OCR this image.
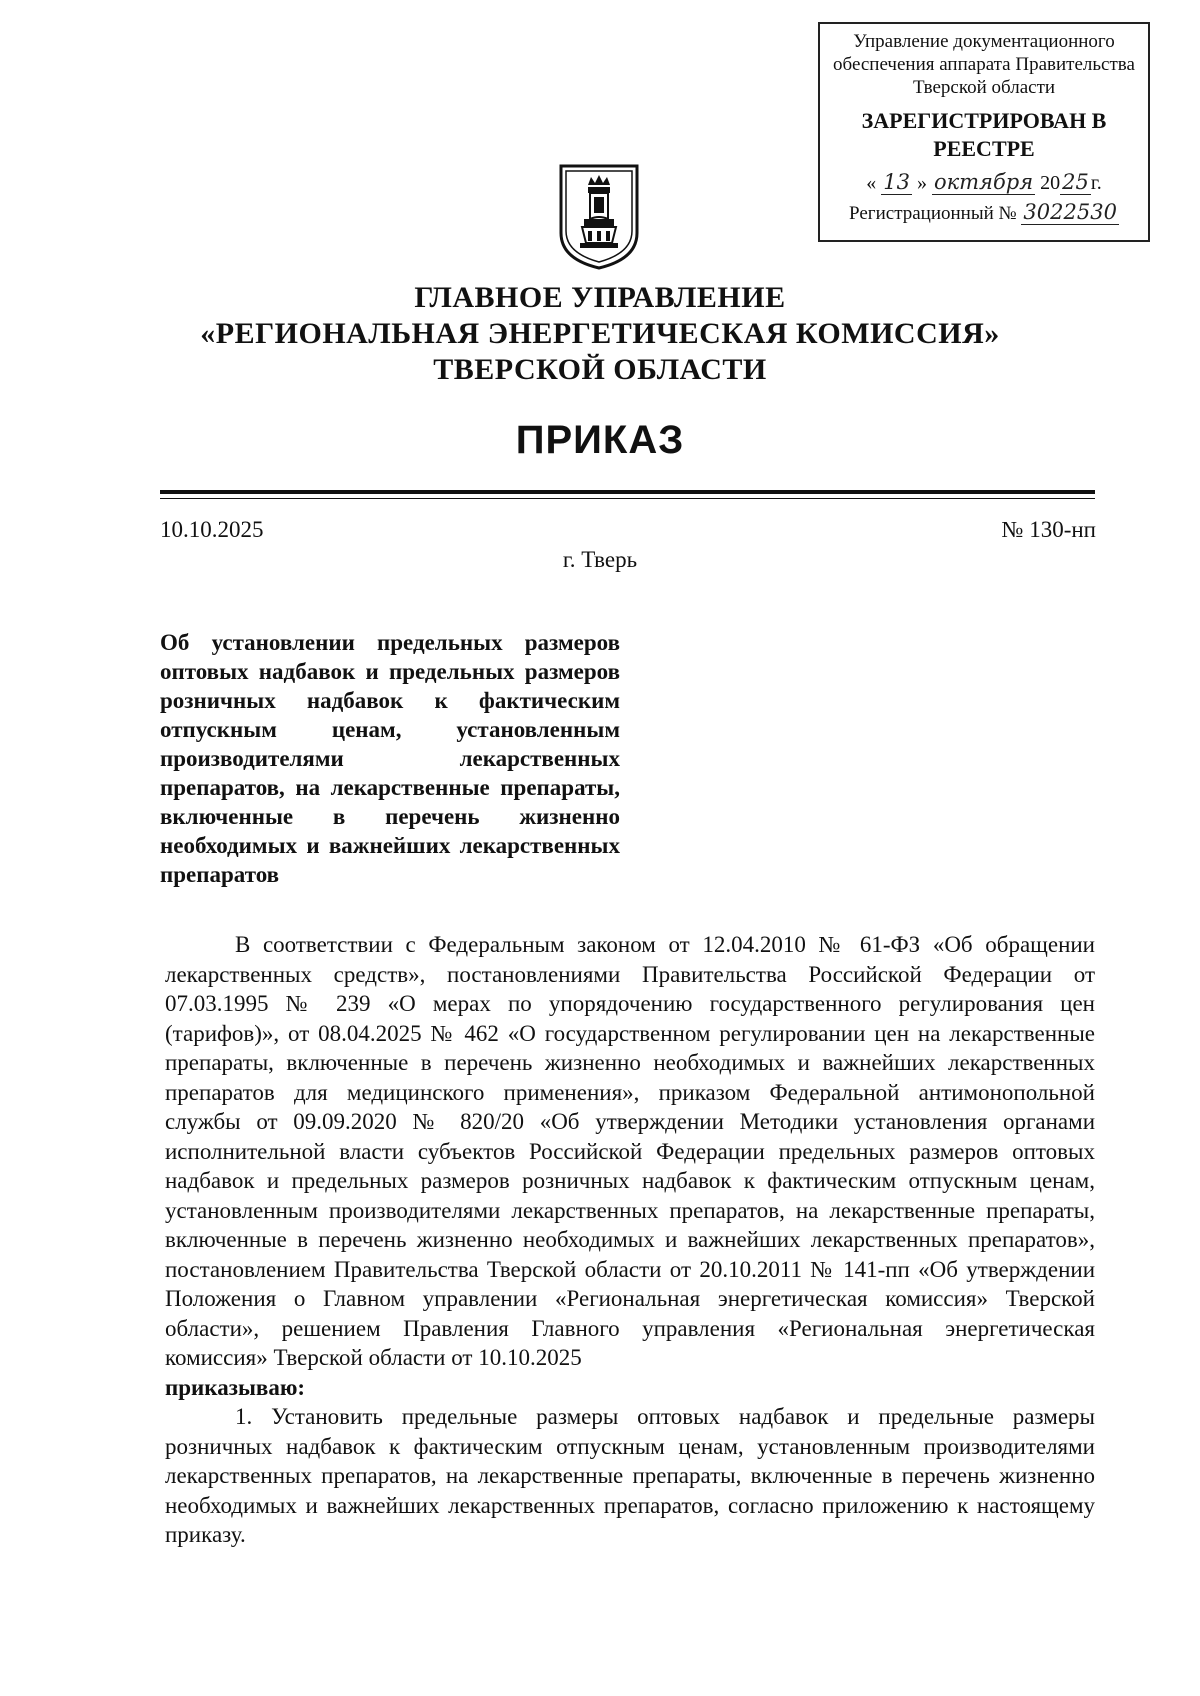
Управление документационного обеспечения аппарата Правительства Тверской области
ЗАРЕГИСТРИРОВАН В РЕЕСТРЕ
« 13 » октября 2025 г.
Регистрационный № 3022530
ГЛАВНОЕ УПРАВЛЕНИЕ
«РЕГИОНАЛЬНАЯ ЭНЕРГЕТИЧЕСКАЯ КОМИССИЯ»
ТВЕРСКОЙ ОБЛАСТИ
ПРИКАЗ
10.10.2025	№ 130-нп
г. Тверь
Об установлении предельных размеров оптовых надбавок и предельных размеров розничных надбавок к фактическим отпускным ценам, установленным производителями лекарственных препаратов, на лекарственные препараты, включенные в перечень жизненно необходимых и важнейших лекарственных препаратов

В соответствии с Федеральным законом от 12.04.2010 № 61-ФЗ «Об обращении лекарственных средств», постановлениями Правительства Российской Федерации от 07.03.1995 № 239 «О мерах по упорядочению государственного регулирования цен (тарифов)», от 08.04.2025 № 462 «О государственном регулировании цен на лекарственные препараты, включенные в перечень жизненно необходимых и важнейших лекарственных препаратов для медицинского применения», приказом Федеральной антимонопольной службы от 09.09.2020 № 820/20 «Об утверждении Методики установления органами исполнительной власти субъектов Российской Федерации предельных размеров оптовых надбавок и предельных размеров розничных надбавок к фактическим отпускным ценам, установленным производителями лекарственных препаратов, на лекарственные препараты, включенные в перечень жизненно необходимых и важнейших лекарственных препаратов», постановлением Правительства Тверской области от 20.10.2011 № 141-пп «Об утверждении Положения о Главном управлении «Региональная энергетическая комиссия» Тверской области», решением Правления Главного управления «Региональная энергетическая комиссия» Тверской области от 10.10.2025

приказываю:

1. Установить предельные размеры оптовых надбавок и предельные размеры розничных надбавок к фактическим отпускным ценам, установленным производителями лекарственных препаратов, на лекарственные препараты, включенные в перечень жизненно необходимых и важнейших лекарственных препаратов, согласно приложению к настоящему приказу.
